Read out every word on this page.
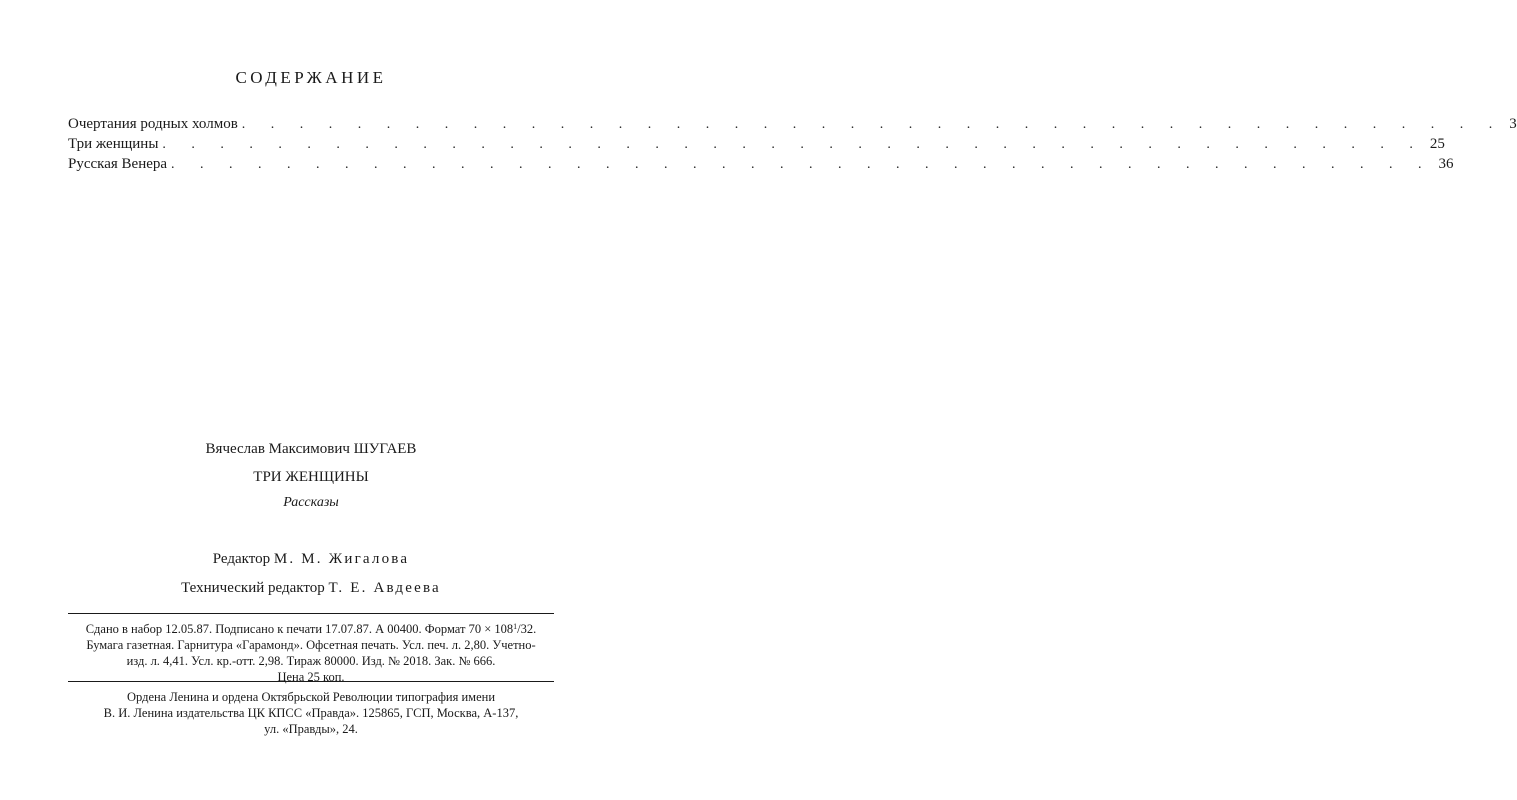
СОДЕРЖАНИЕ
Очертания родных холмов . . . . . . . . . . . . . . . . . . . . . . . . . . . . . . . . . . . . . . . . . . . . 3
Три женщины . . . . . . . . . . . . . . . . . . . . . . . . . . . . . . . . . . . . . . . . . . . . 25
Русская Венера . . . . . . . . . . . . . . . . . . . . . . . . . . . . . . . . . . . . . . . . . . . . 36
Вячеслав Максимович ШУГАЕВ
ТРИ ЖЕНЩИНЫ
Рассказы
Редактор М. М. Жигалова
Технический редактор Т. Е. Авдеева
Сдано в набор 12.05.87. Подписано к печати 17.07.87. А 00400. Формат $70 \times 108^1/32$.
Бумага газетная. Гарнитура «Гарамонд». Офсетная печать. Усл. печ. л. 2,80. Учетно-
изд. л. 4,41. Усл. кр.-отт. 2,98. Тираж 80000. Изд. № 2018. Зак. № 666.
Цена 25 коп.
Ордена Ленина и ордена Октябрьской Революции типография имени
В. И. Ленина издательства ЦК КПСС «Правда». 125865, ГСП, Москва, А-137,
ул. «Правды», 24.
